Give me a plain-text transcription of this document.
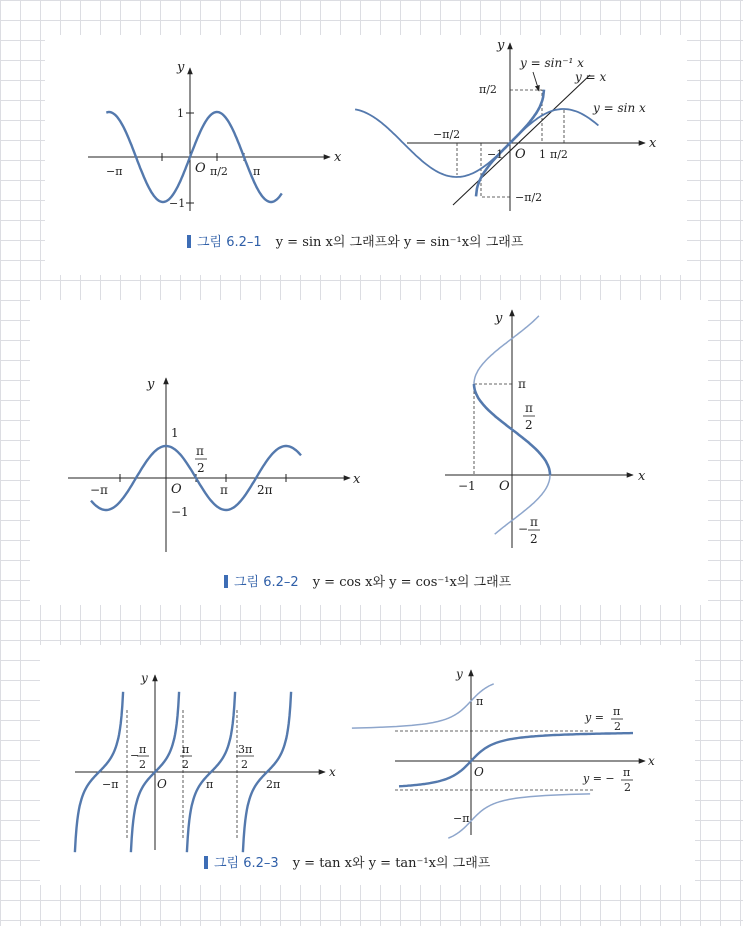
x
y
O
−π	π/2 π
1
−1
x
y
O
y = sin⁻¹ x
y = x
y = sin x
π/2
−π/2
−1	1 π/2
−π/2
그림 6.2–1 y = sin x의 그래프와 y = sin⁻¹x의 그래프
x
y
O
−π
1
−1
π
2
π 2π
x
y
O
π
π
2
−1
− π
2
그림 6.2–2 y = cos x와 y = cos⁻¹x의 그래프
x
y
O
−π	π	2π
− π
2
π
2
3π
2	x
y
O
π
−π
y = π
2
y = − π
2
그림 6.2–3 y = tan x와 y = tan⁻¹x의 그래프
